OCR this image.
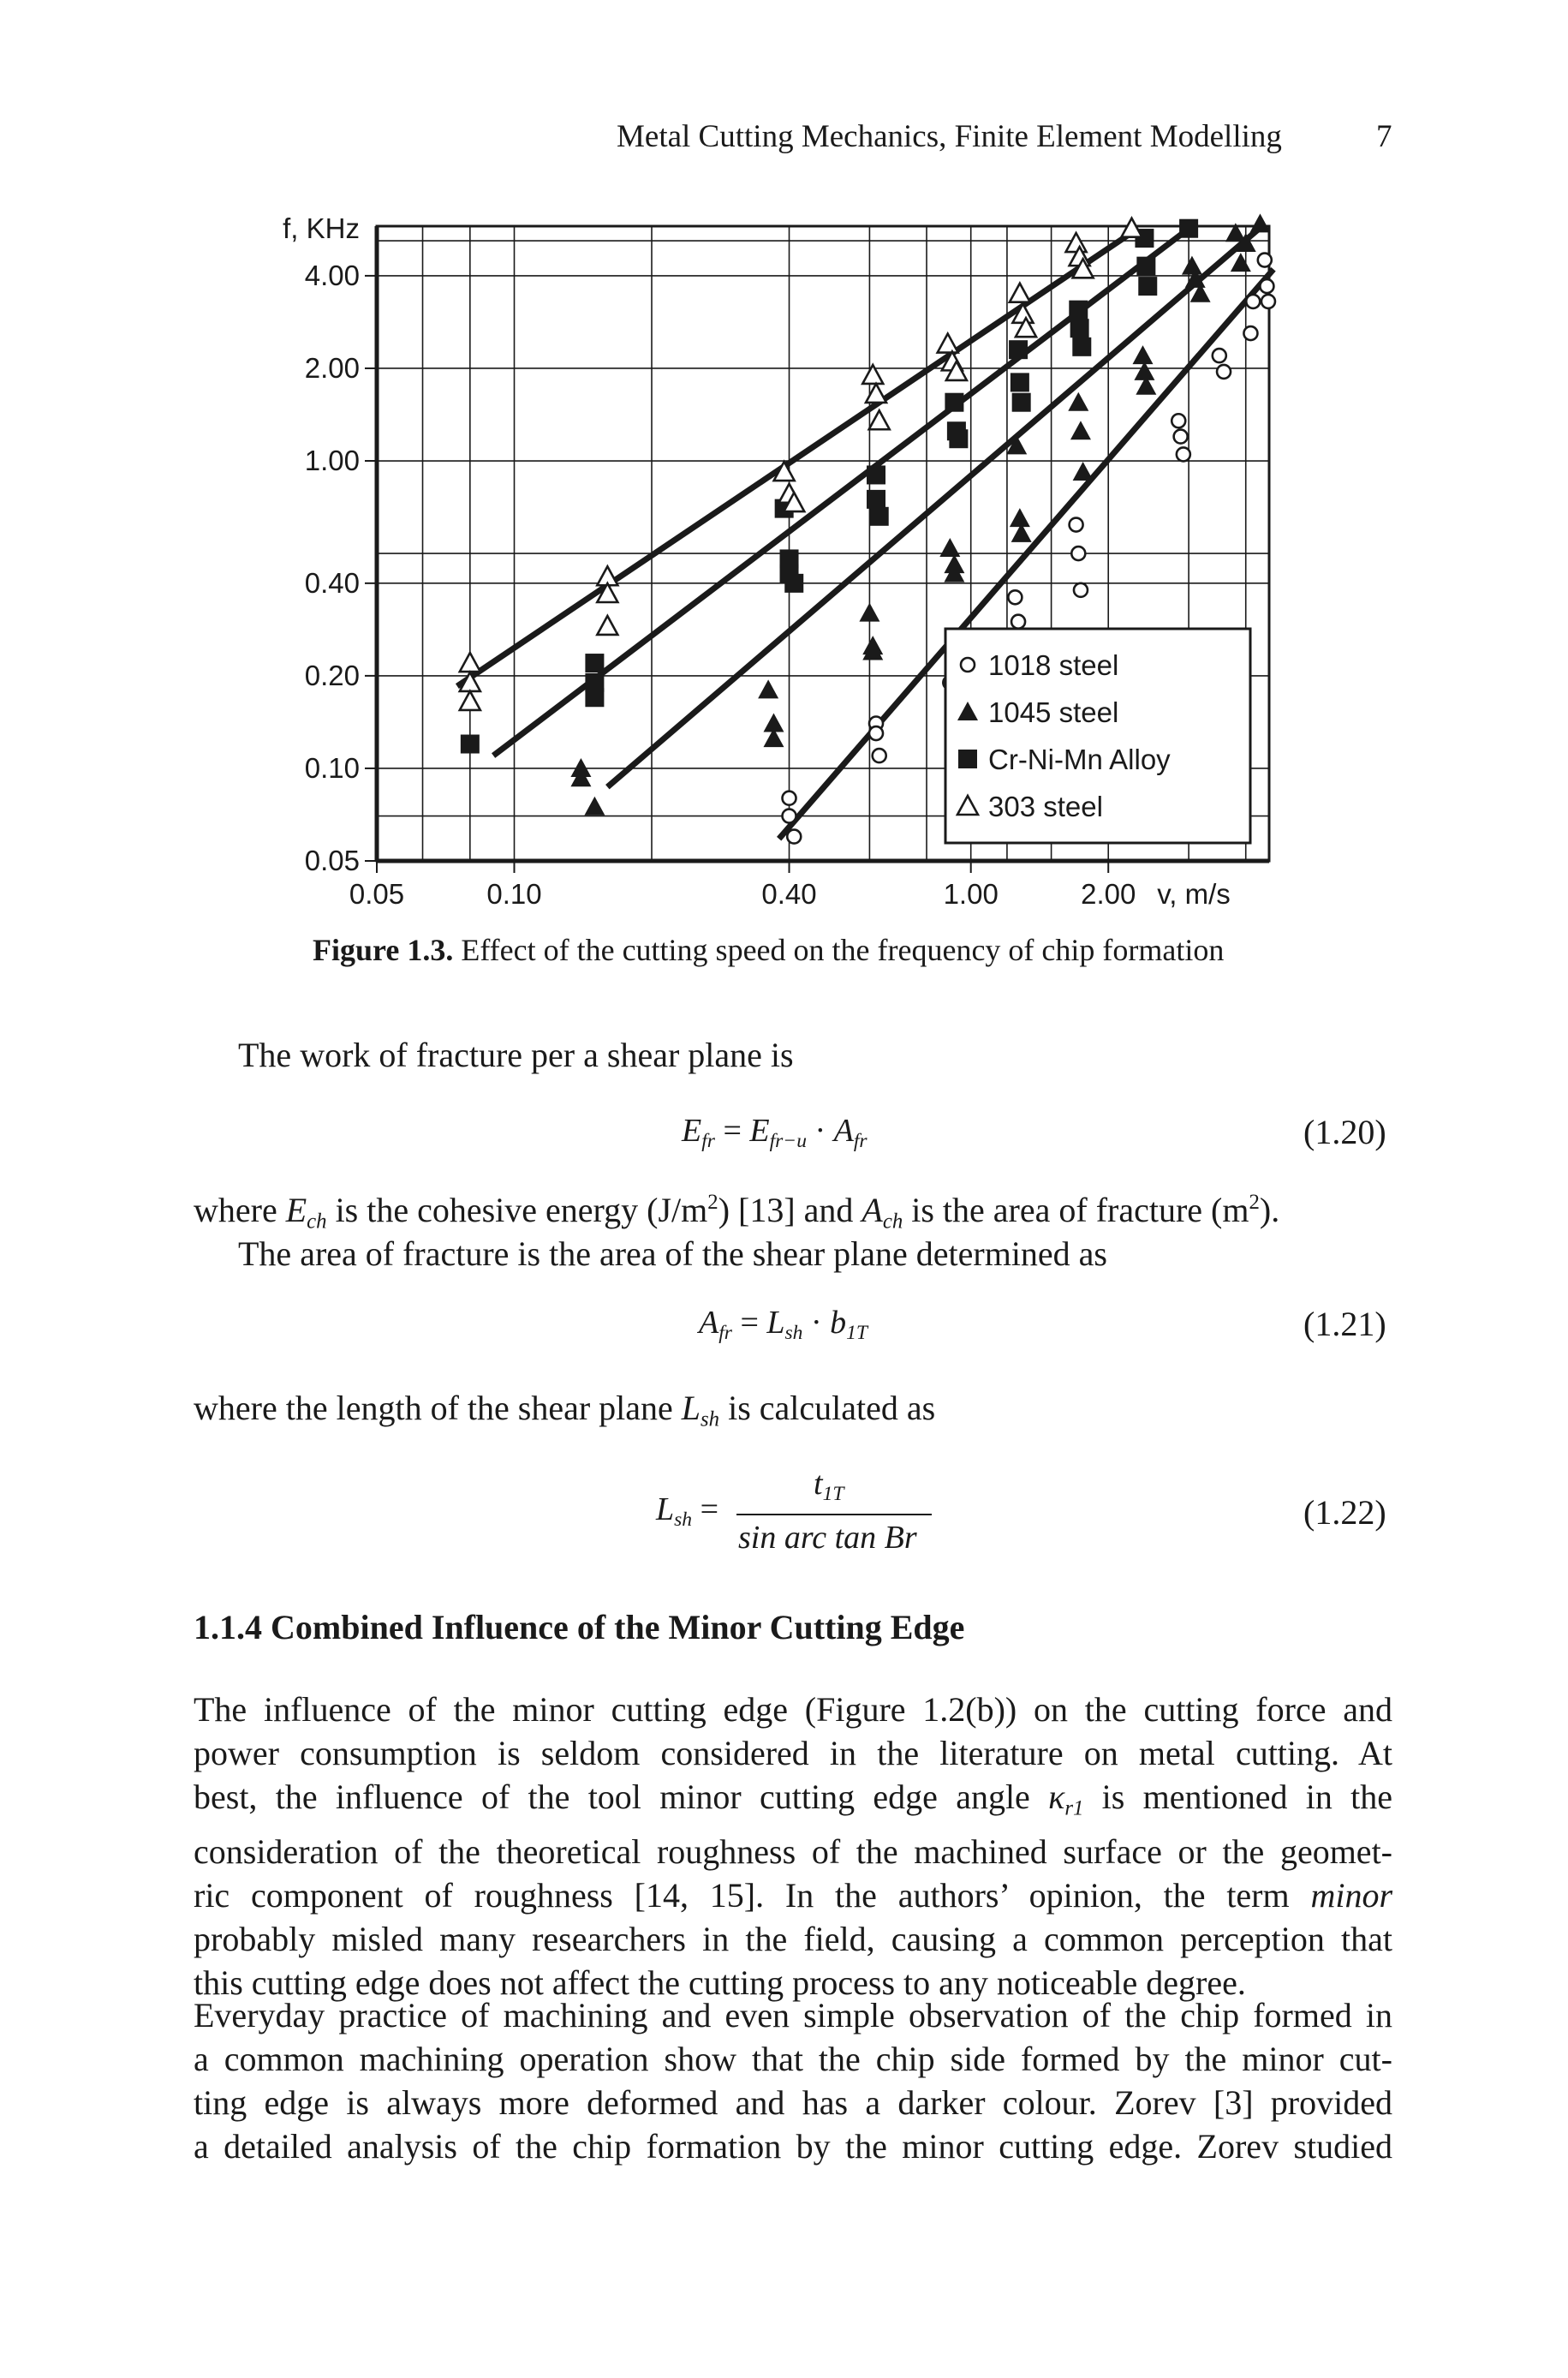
Metal Cutting Mechanics, Finite Element Modelling	7
4.00
2.00
1.00
0.40
0.20
0.10
0.05
0.05	0.10	0.40	1.00	2.00
f, KHz
v, m/s
1018 steel
1045 steel
Cr-Ni-Mn Alloy
303 steel
Figure 1.3. Effect of the cutting speed on the frequency of chip formation
The work of fracture per a shear plane is
$E_{fr} = E_{fr-u} \cdot A_{fr}$	(1.20)
where $E_{ch}$ is the cohesive energy $(J/m^2)$ [13] and $A_{ch}$ is the area of fracture $(m^2)$.
The area of fracture is the area of the shear plane determined as
$A_{fr} = L_{sh} \cdot b_{1T}$	(1.21)
where the length of the shear plane $L_{sh}$ is calculated as
$L_{sh}$ =
$t_{1T}$
sin arc tan Br
(1.22)
1.1.4 Combined Influence of the Minor Cutting Edge
The influence of the minor cutting edge (Figure 1.2(b)) on the cutting force and
power consumption is seldom considered in the literature on metal cutting. At
best, the influence of the tool minor cutting edge angle $\kappa_{r1}$ is mentioned in the
consideration of the theoretical roughness of the machined surface or the geomet-
ric component of roughness [14, 15]. In the authors’ opinion, the term minor
probably misled many researchers in the field, causing a common perception that
this cutting edge does not affect the cutting process to any noticeable degree.
Everyday practice of machining and even simple observation of the chip formed in
a common machining operation show that the chip side formed by the minor cut-
ting edge is always more deformed and has a darker colour. Zorev [3] provided
a detailed analysis of the chip formation by the minor cutting edge. Zorev studied
